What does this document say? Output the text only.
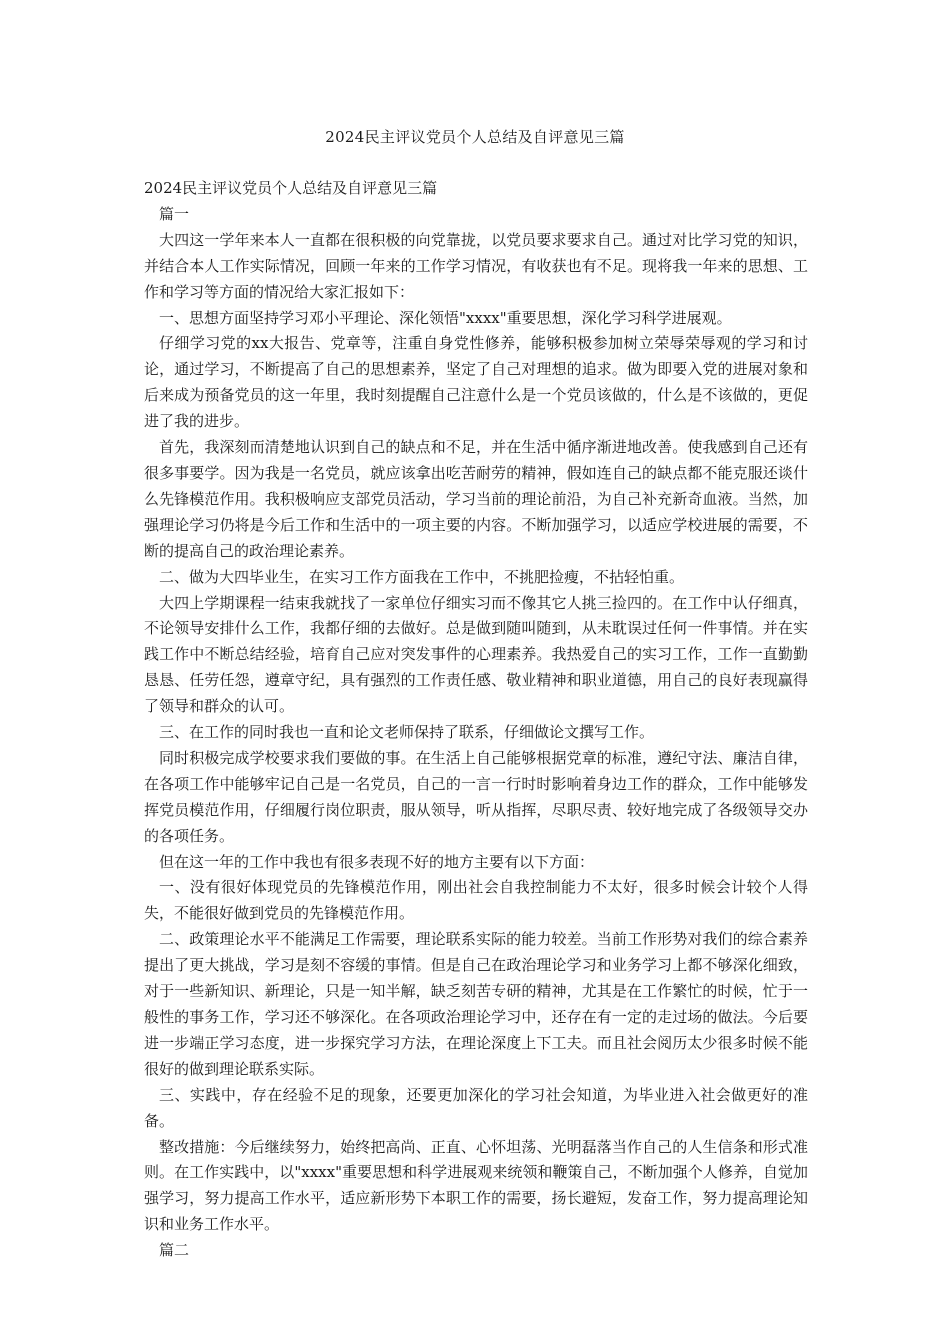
2024民主评议党员个人总结及自评意见三篇

2024民主评议党员个人总结及自评意见三篇

篇一

大四这一学年来本人一直都在很积极的向党靠拢，以党员要求要求自己。通过对比学习党的知识，并结合本人工作实际情况，回顾一年来的工作学习情况，有收获也有不足。现将我一年来的思想、工作和学习等方面的情况给大家汇报如下：

一、思想方面坚持学习邓小平理论、深化领悟"xxxx"重要思想，深化学习科学进展观。

仔细学习党的xx大报告、党章等，注重自身党性修养，能够积极参加树立荣辱荣辱观的学习和讨论，通过学习，不断提高了自己的思想素养，坚定了自己对理想的追求。做为即要入党的进展对象和后来成为预备党员的这一年里，我时刻提醒自己注意什么是一个党员该做的，什么是不该做的，更促进了我的进步。

首先，我深刻而清楚地认识到自己的缺点和不足，并在生活中循序渐进地改善。使我感到自己还有很多事要学。因为我是一名党员，就应该拿出吃苦耐劳的精神，假如连自己的缺点都不能克服还谈什么先锋模范作用。我积极响应支部党员活动，学习当前的理论前沿，为自己补充新奇血液。当然，加强理论学习仍将是今后工作和生活中的一项主要的内容。不断加强学习，以适应学校进展的需要，不断的提高自己的政治理论素养。

二、做为大四毕业生，在实习工作方面我在工作中，不挑肥捡瘦，不拈轻怕重。

大四上学期课程一结束我就找了一家单位仔细实习而不像其它人挑三捡四的。在工作中认仔细真，不论领导安排什么工作，我都仔细的去做好。总是做到随叫随到，从未耽误过任何一件事情。并在实践工作中不断总结经验，培育自己应对突发事件的心理素养。我热爱自己的实习工作，工作一直勤勤恳恳、任劳任怨，遵章守纪，具有强烈的工作责任感、敬业精神和职业道德，用自己的良好表现赢得了领导和群众的认可。

三、在工作的同时我也一直和论文老师保持了联系，仔细做论文撰写工作。

同时积极完成学校要求我们要做的事。在生活上自己能够根据党章的标准，遵纪守法、廉洁自律，在各项工作中能够牢记自己是一名党员，自己的一言一行时时影响着身边工作的群众，工作中能够发挥党员模范作用，仔细履行岗位职责，服从领导，听从指挥，尽职尽责、较好地完成了各级领导交办的各项任务。

但在这一年的工作中我也有很多表现不好的地方主要有以下方面：

一、没有很好体现党员的先锋模范作用，刚出社会自我控制能力不太好，很多时候会计较个人得失，不能很好做到党员的先锋模范作用。

二、政策理论水平不能满足工作需要，理论联系实际的能力较差。当前工作形势对我们的综合素养提出了更大挑战，学习是刻不容缓的事情。但是自己在政治理论学习和业务学习上都不够深化细致，对于一些新知识、新理论，只是一知半解，缺乏刻苦专研的精神，尤其是在工作繁忙的时候，忙于一般性的事务工作，学习还不够深化。在各项政治理论学习中，还存在有一定的走过场的做法。今后要进一步端正学习态度，进一步探究学习方法，在理论深度上下工夫。而且社会阅历太少很多时候不能很好的做到理论联系实际。

三、实践中，存在经验不足的现象，还要更加深化的学习社会知道，为毕业进入社会做更好的准备。

整改措施：今后继续努力，始终把高尚、正直、心怀坦荡、光明磊落当作自己的人生信条和形式准则。在工作实践中，以"xxxx"重要思想和科学进展观来统领和鞭策自己，不断加强个人修养，自觉加强学习，努力提高工作水平，适应新形势下本职工作的需要，扬长避短，发奋工作，努力提高理论知识和业务工作水平。

篇二
